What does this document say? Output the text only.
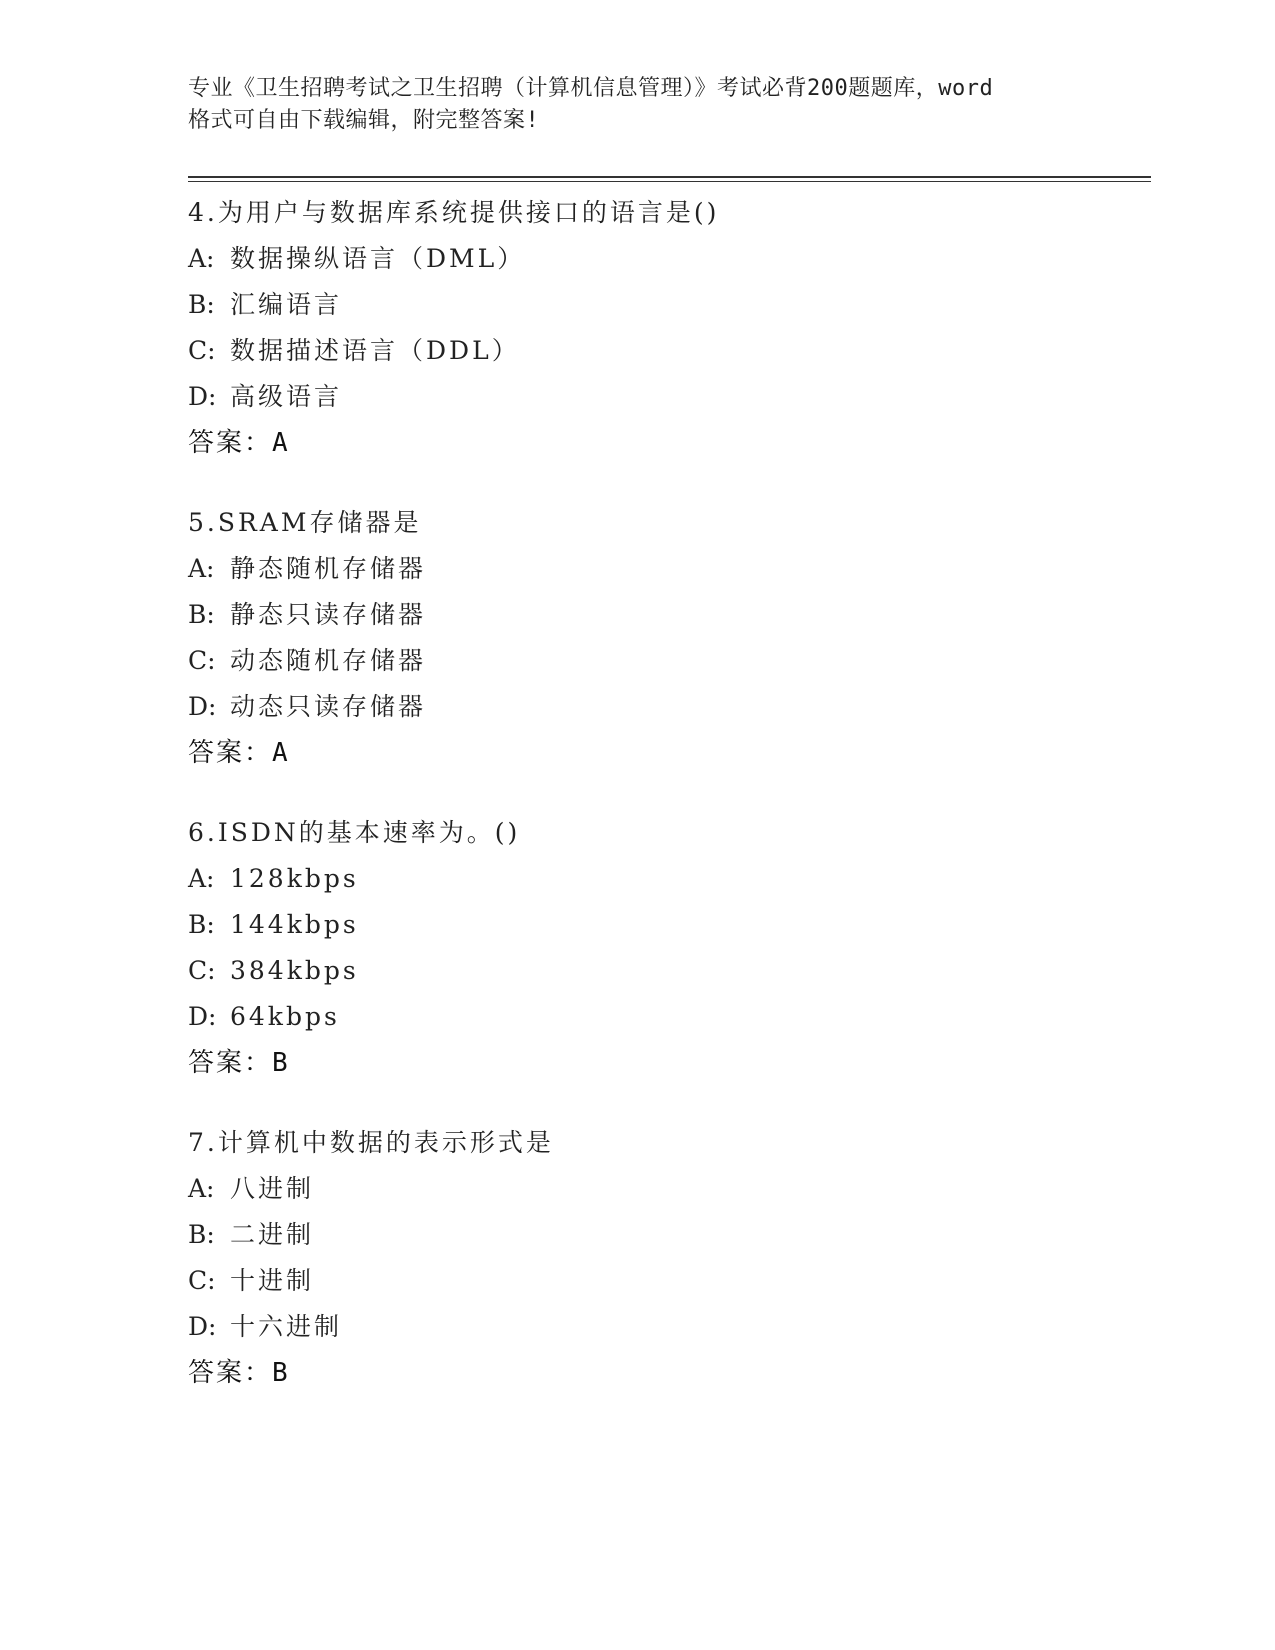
专业《卫生招聘考试之卫生招聘（计算机信息管理）》考试必背200题题库，word
格式可自由下载编辑，附完整答案!
4.为用户与数据库系统提供接口的语言是()
A: 数据操纵语言（DML）
B: 汇编语言
C: 数据描述语言（DDL）
D: 高级语言
答案：A
5.SRAM存储器是
A: 静态随机存储器
B: 静态只读存储器
C: 动态随机存储器
D: 动态只读存储器
答案：A
6.ISDN的基本速率为。()
A: 128kbps
B: 144kbps
C: 384kbps
D: 64kbps
答案：B
7.计算机中数据的表示形式是
A: 八进制
B: 二进制
C: 十进制
D: 十六进制
答案：B
